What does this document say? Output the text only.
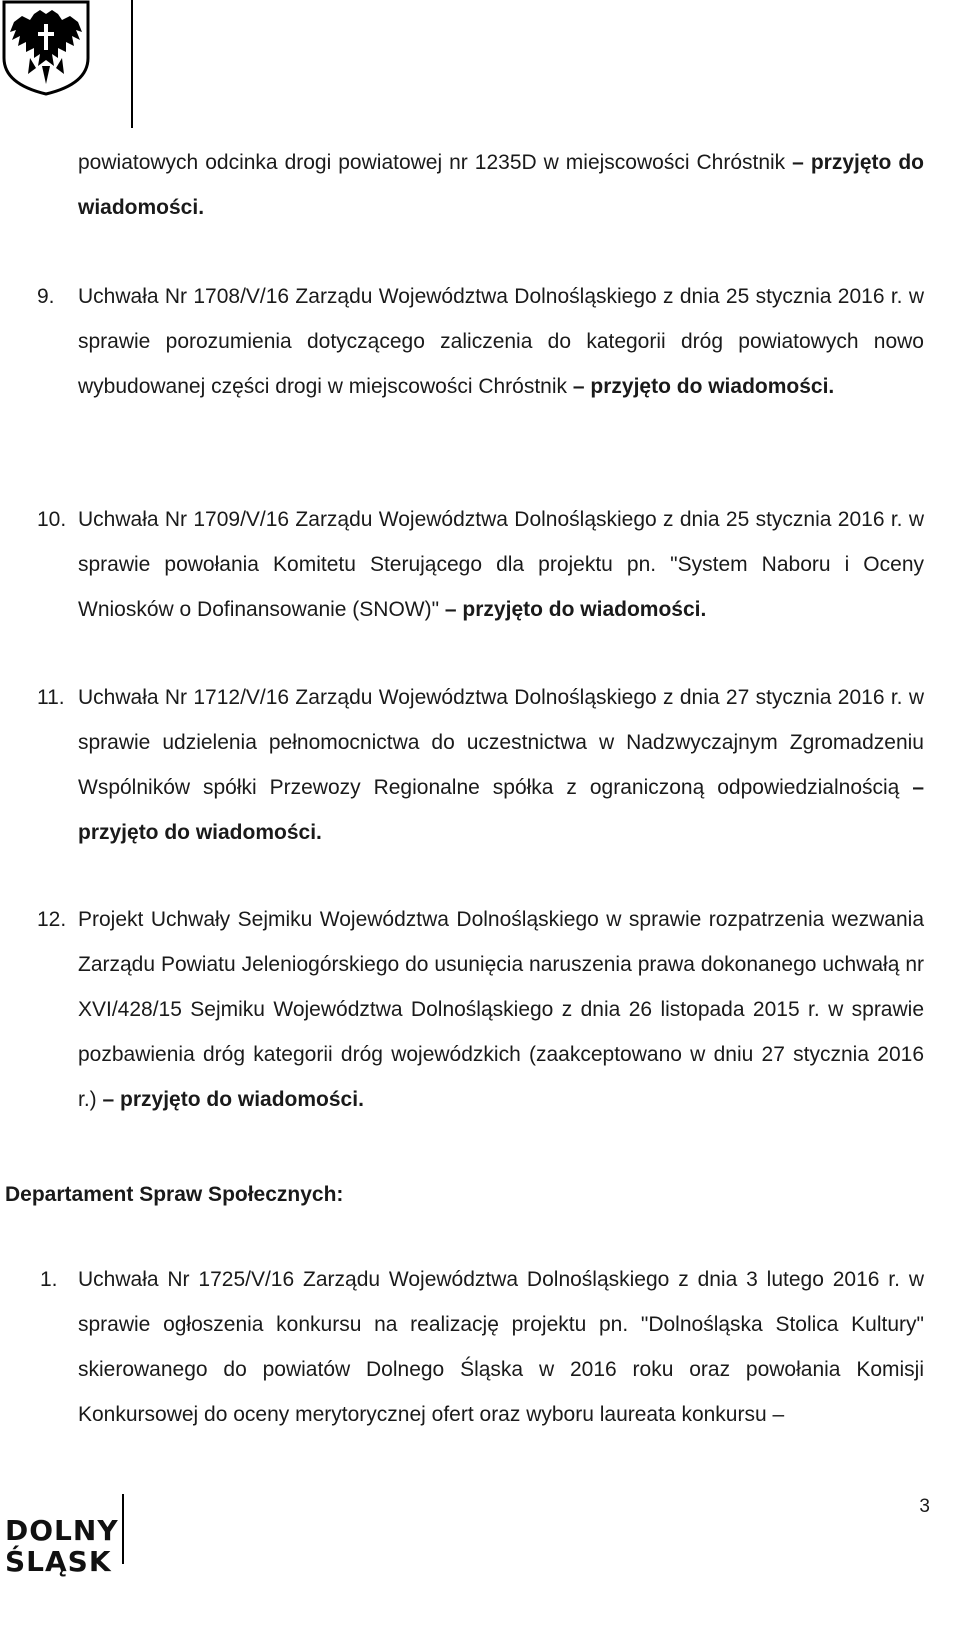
powiatowych odcinka drogi powiatowej nr 1235D w miejscowości Chróstnik – przyjęto do wiadomości.
9. Uchwała Nr 1708/V/16 Zarządu Województwa Dolnośląskiego z dnia 25 stycznia 2016 r. w sprawie porozumienia dotyczącego zaliczenia do kategorii dróg powiatowych nowo wybudowanej części drogi w miejscowości Chróstnik – przyjęto do wiadomości.
10. Uchwała Nr 1709/V/16 Zarządu Województwa Dolnośląskiego z dnia 25 stycznia 2016 r. w sprawie powołania Komitetu Sterującego dla projektu pn. "System Naboru i Oceny Wniosków o Dofinansowanie (SNOW)" – przyjęto do wiadomości.
11. Uchwała Nr 1712/V/16 Zarządu Województwa Dolnośląskiego z dnia 27 stycznia 2016 r. w sprawie udzielenia pełnomocnictwa do uczestnictwa w Nadzwyczajnym Zgromadzeniu Wspólników spółki Przewozy Regionalne spółka z ograniczoną odpowiedzialnością – przyjęto do wiadomości.
12. Projekt Uchwały Sejmiku Województwa Dolnośląskiego w sprawie rozpatrzenia wezwania Zarządu Powiatu Jeleniogórskiego do usunięcia naruszenia prawa dokonanego uchwałą nr XVI/428/15 Sejmiku Województwa Dolnośląskiego z dnia 26 listopada 2015 r. w sprawie pozbawienia dróg kategorii dróg wojewódzkich (zaakceptowano w dniu 27 stycznia 2016 r.) – przyjęto do wiadomości.
Departament Spraw Społecznych:
1. Uchwała Nr 1725/V/16 Zarządu Województwa Dolnośląskiego z dnia 3 lutego 2016 r. w sprawie ogłoszenia konkursu na realizację projektu pn. "Dolnośląska Stolica Kultury" skierowanego do powiatów Dolnego Śląska w 2016 roku oraz powołania Komisji Konkursowej do oceny merytorycznej ofert oraz wyboru laureata konkursu –
DOLNY
ŚLĄSK
3
